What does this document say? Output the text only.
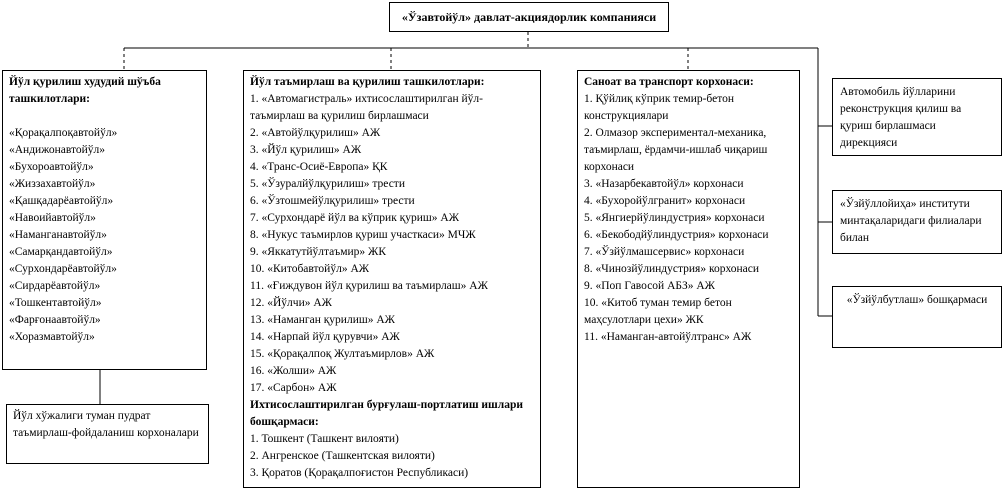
«Ўзавтойўл» давлат-акциядорлик компанияси
Йўл қурилиш худудий шўъба ташкилотлари:
«Қорақалпоқавтойўл»
«Андижонавтойўл»
«Бухороавтойўл»
«Жиззахавтойўл»
«Қашқадарёавтойўл»
«Навоийавтойўл»
«Наманганавтойўл»
«Самарқандавтойўл»
«Сурхондарёавтойўл»
«Сирдарёавтойўл»
«Тошкентавтойўл»
«Фарғонаавтойўл»
«Хоразмавтойўл»
Йўл хўжалиги туман пудрат таъмирлаш-фойдаланиш корхоналари
Йўл таъмирлаш ва қурилиш ташкилотлари:
1. «Автомагистраль» ихтисослаштирилган йўл-таъмирлаш ва қурилиш бирлашмаси
2. «Автойўлқурилиш» АЖ
3. «Йўл қурилиш» АЖ
4. «Транс-Осиё-Европа» ҚК
5. «Ўзуралйўлқурилиш» трести
6. «Ўзтошмейўлқурилиш» трести
7. «Сурхондарё йўл ва кўприк қуриш» АЖ
8. «Нукус таъмирлов қуриш участкаси» МЧЖ
9. «Яккатутйўлтаъмир» ЖК
10. «Китобавтойўл» АЖ
11. «Ғиждувон йўл қурилиш ва таъмирлаш» АЖ
12. «Йўлчи» АЖ
13. «Наманган қурилиш» АЖ
14. «Нарпай йўл қурувчи» АЖ
15. «Қорақалпоқ Жултаъмирлов» АЖ
16. «Жолши» АЖ
17. «Сарбон» АЖ
Ихтисослаштирилган бурғулаш-портлатиш ишлари бошқармаси:
1. Тошкент (Ташкент вилояти)
2. Ангренское (Ташкентская вилояти)
3. Қоратов (Қорақалпоғистон Республикаси)
Саноат ва транспорт корхонаси:
1. Қўйлиқ кўприк темир-бетон конструкциялари
2. Олмазор экспериментал-механика, таъмирлаш, ёрдамчи-ишлаб чиқариш корхонаси
3. «Назарбекавтойўл» корхонаси
4. «Бухоройўлгранит» корхонаси
5. «Янгиерйўлиндустрия» корхонаси
6. «Бекободйўлиндустрия» корхонаси
7. «Ўзйўлмашсервис» корхонаси
8. «Чинозйўлиндустрия» корхонаси
9. «Поп Гавосой АБЗ» АЖ
10. «Китоб туман темир бетон маҳсулотлари цехи» ЖК
11. «Наманган-автойўлтранс» АЖ
Автомобиль йўлларини реконструкция қилиш ва қуриш бирлашмаси дирекцияси
«Ўзйўллойиҳа» институти минтақаларидаги филиалари билан
«Ўзйўлбутлаш» бошқармаси
